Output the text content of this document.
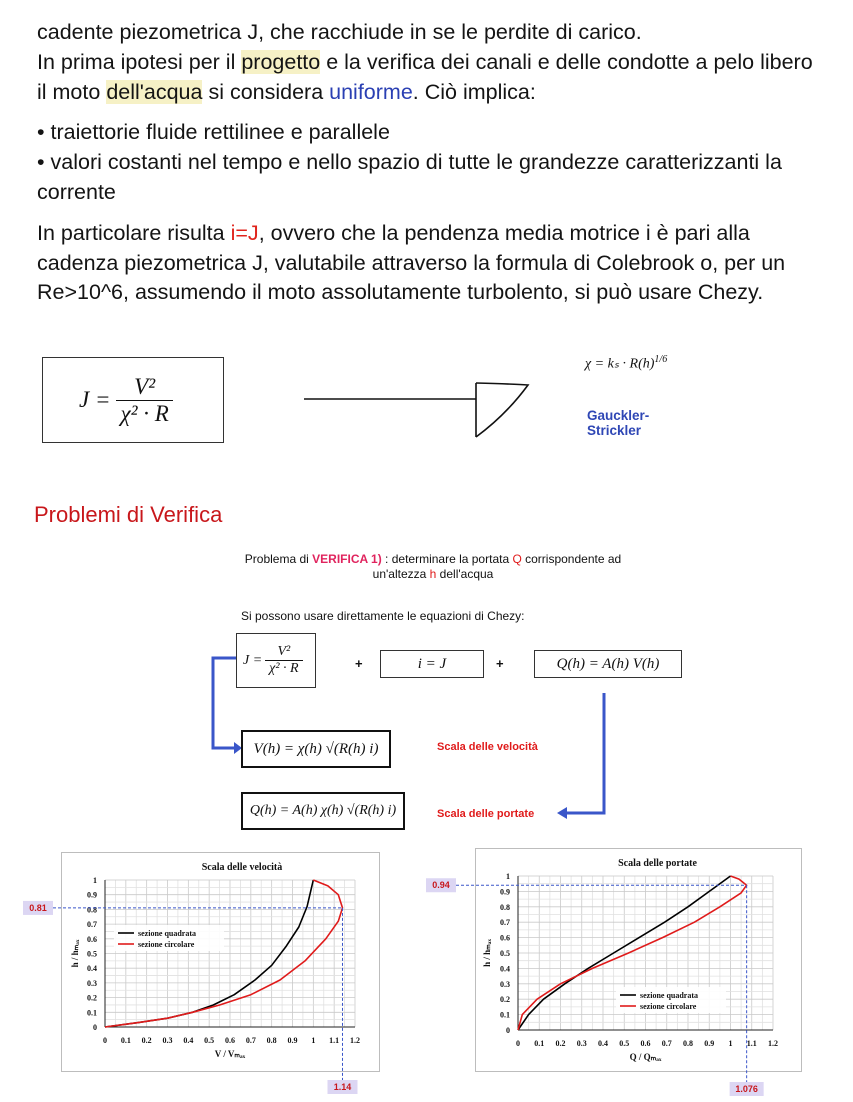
cadente piezometrica J, che racchiude in se le perdite di carico.
In prima ipotesi per il progetto e la verifica dei canali e delle condotte a pelo libero il moto dell'acqua si considera uniforme. Ciò implica:
• traiettorie fluide rettilinee e parallele
• valori costanti nel tempo e nello spazio di tutte le grandezze caratterizzanti la corrente
In particolare risulta i=J, ovvero che la pendenza media motrice i è pari alla cadenza piezometrica J, valutabile attraverso la formula di Colebrook o, per un Re>10^6, assumendo il moto assolutamente turbolento, si può usare Chezy.
$J = \frac{\text{V²}}{\text{χ² · R}}$
$\chi = k_s \cdot R(h)^{1/6}$
Gauckler-
Strickler
Problemi di Verifica
Problema di VERIFICA 1) : determinare la portata Q corrispondente ad
un'altezza h dell'acqua
Si possono usare direttamente le equazioni di Chezy:
$J = \frac{\text{V²}}{\text{χ² · R}}$	+	i = J	+	Q(h) = A(h) V(h)
V(h) = χ(h) √(R(h) i)	Scala delle velocità
Q(h) = A(h) χ(h) √(R(h) i)	Scala delle portate
0 0.1 0.2 0.3 0.4 0.5 0.6 0.7 0.8 0.9 1 1.1 1.2
0
0.1
0.2
0.3
0.4
0.5
0.6
0.7
0.8
0.9
1
Scala delle velocità
V / Vₘₐₓ
h / hₘₐₓ
sezione quadrata
sezione circolare
0.81
1.14
0 0.1 0.2 0.3 0.4 0.5 0.6 0.7 0.8 0.9 1 1.1 1.2
0
0.1
0.2
0.3
0.4
0.5
0.6
0.7
0.8
0.9
1
Scala delle portate
Q / Qₘₐₓ
h / hₘₐₓ
sezione quadrata
sezione circolare
0.94
1.076
